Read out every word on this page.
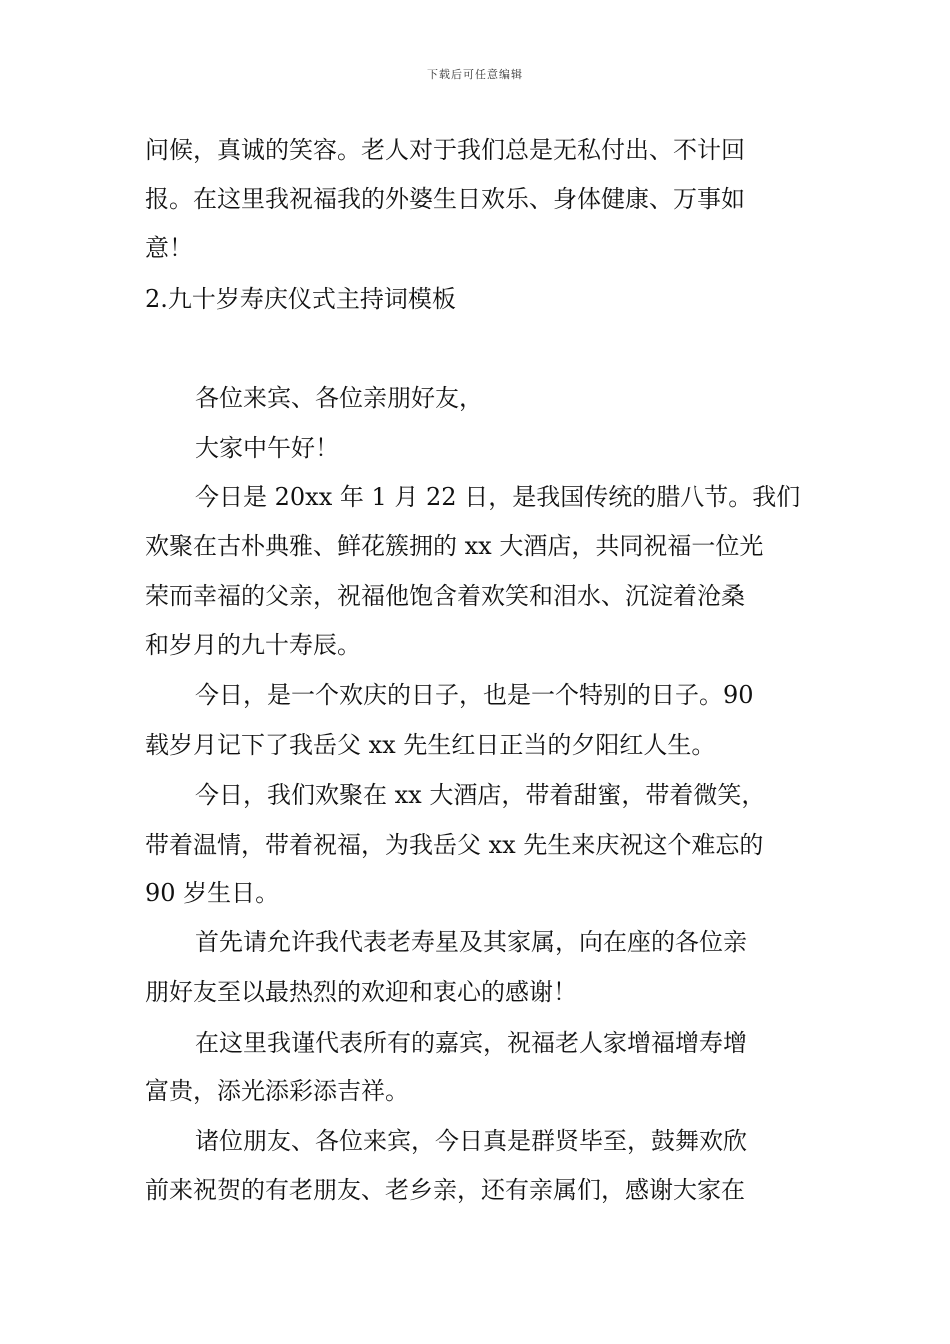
下载后可任意编辑
问候，真诚的笑容。老人对于我们总是无私付出、不计回
报。在这里我祝福我的外婆生日欢乐、身体健康、万事如
意！
2.九十岁寿庆仪式主持词模板
各位来宾、各位亲朋好友，
大家中午好！
今日是 20xx 年 1 月 22 日，是我国传统的腊八节。我们
欢聚在古朴典雅、鲜花簇拥的 xx 大酒店，共同祝福一位光
荣而幸福的父亲，祝福他饱含着欢笑和泪水、沉淀着沧桑
和岁月的九十寿辰。
今日，是一个欢庆的日子，也是一个特别的日子。90
载岁月记下了我岳父 xx 先生红日正当的夕阳红人生。
今日，我们欢聚在 xx 大酒店，带着甜蜜，带着微笑，
带着温情，带着祝福，为我岳父 xx 先生来庆祝这个难忘的
90 岁生日。
首先请允许我代表老寿星及其家属，向在座的各位亲
朋好友至以最热烈的欢迎和衷心的感谢！
在这里我谨代表所有的嘉宾，祝福老人家增福增寿增
富贵，添光添彩添吉祥。
诸位朋友、各位来宾，今日真是群贤毕至，鼓舞欢欣
前来祝贺的有老朋友、老乡亲，还有亲属们，感谢大家在
